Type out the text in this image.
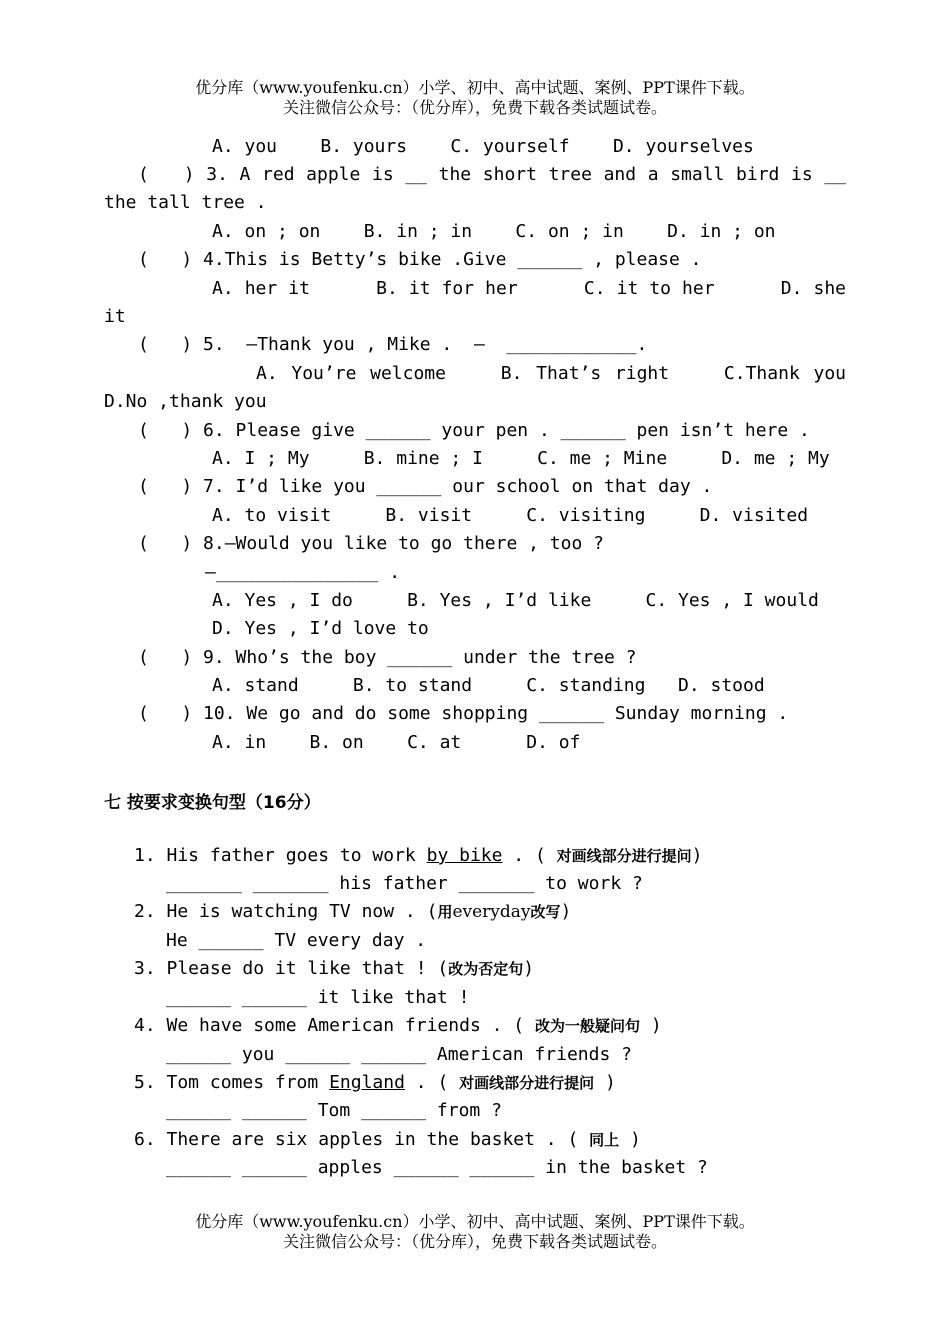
优分库（www.youfenku.cn）小学、初中、高中试题、案例、PPT课件下载。
关注微信公众号：（优分库），免费下载各类试题试卷。
A. you    B. yours    C. yourself    D. yourselves
(   ) 3. A red apple is __ the short tree and a small bird is __
the tall tree .
A. on ; on    B. in ; in    C. on ; in    D. in ; on
(   ) 4.This is Betty’s bike .Give ______ , please .
A. her it      B. it for her      C. it to her      D. she
it
(   ) 5.  —Thank you , Mike .  —  ____________.
A. You’re welcome    B. That’s right    C.Thank you
D.No ,thank you
(   ) 6. Please give ______ your pen . ______ pen isn’t here .
A. I ; My     B. mine ; I     C. me ; Mine     D. me ; My
(   ) 7. I’d like you ______ our school on that day .
A. to visit     B. visit     C. visiting     D. visited
(   ) 8.—Would you like to go there , too ?
—_______________ .
A. Yes , I do     B. Yes , I’d like     C. Yes , I would
D. Yes , I’d love to
(   ) 9. Who’s the boy ______ under the tree ?
A. stand     B. to stand     C. standing   D. stood
(   ) 10. We go and do some shopping ______ Sunday morning .
A. in    B. on    C. at      D. of
七 按要求变换句型（16分）
1. His father goes to work by bike . ( 对画线部分进行提问)
_______ _______ his father _______ to work ?
2. He is watching TV now . (用everyday改写)
He ______ TV every day .
3. Please do it like that ! (改为否定句)
______ ______ it like that !
4. We have some American friends . ( 改为一般疑问句 )
______ you ______ ______ American friends ?
5. Tom comes from England . ( 对画线部分进行提问 )
______ ______ Tom ______ from ?
6. There are six apples in the basket . ( 同上 )
______ ______ apples ______ ______ in the basket ?
优分库（www.youfenku.cn）小学、初中、高中试题、案例、PPT课件下载。
关注微信公众号：（优分库），免费下载各类试题试卷。
